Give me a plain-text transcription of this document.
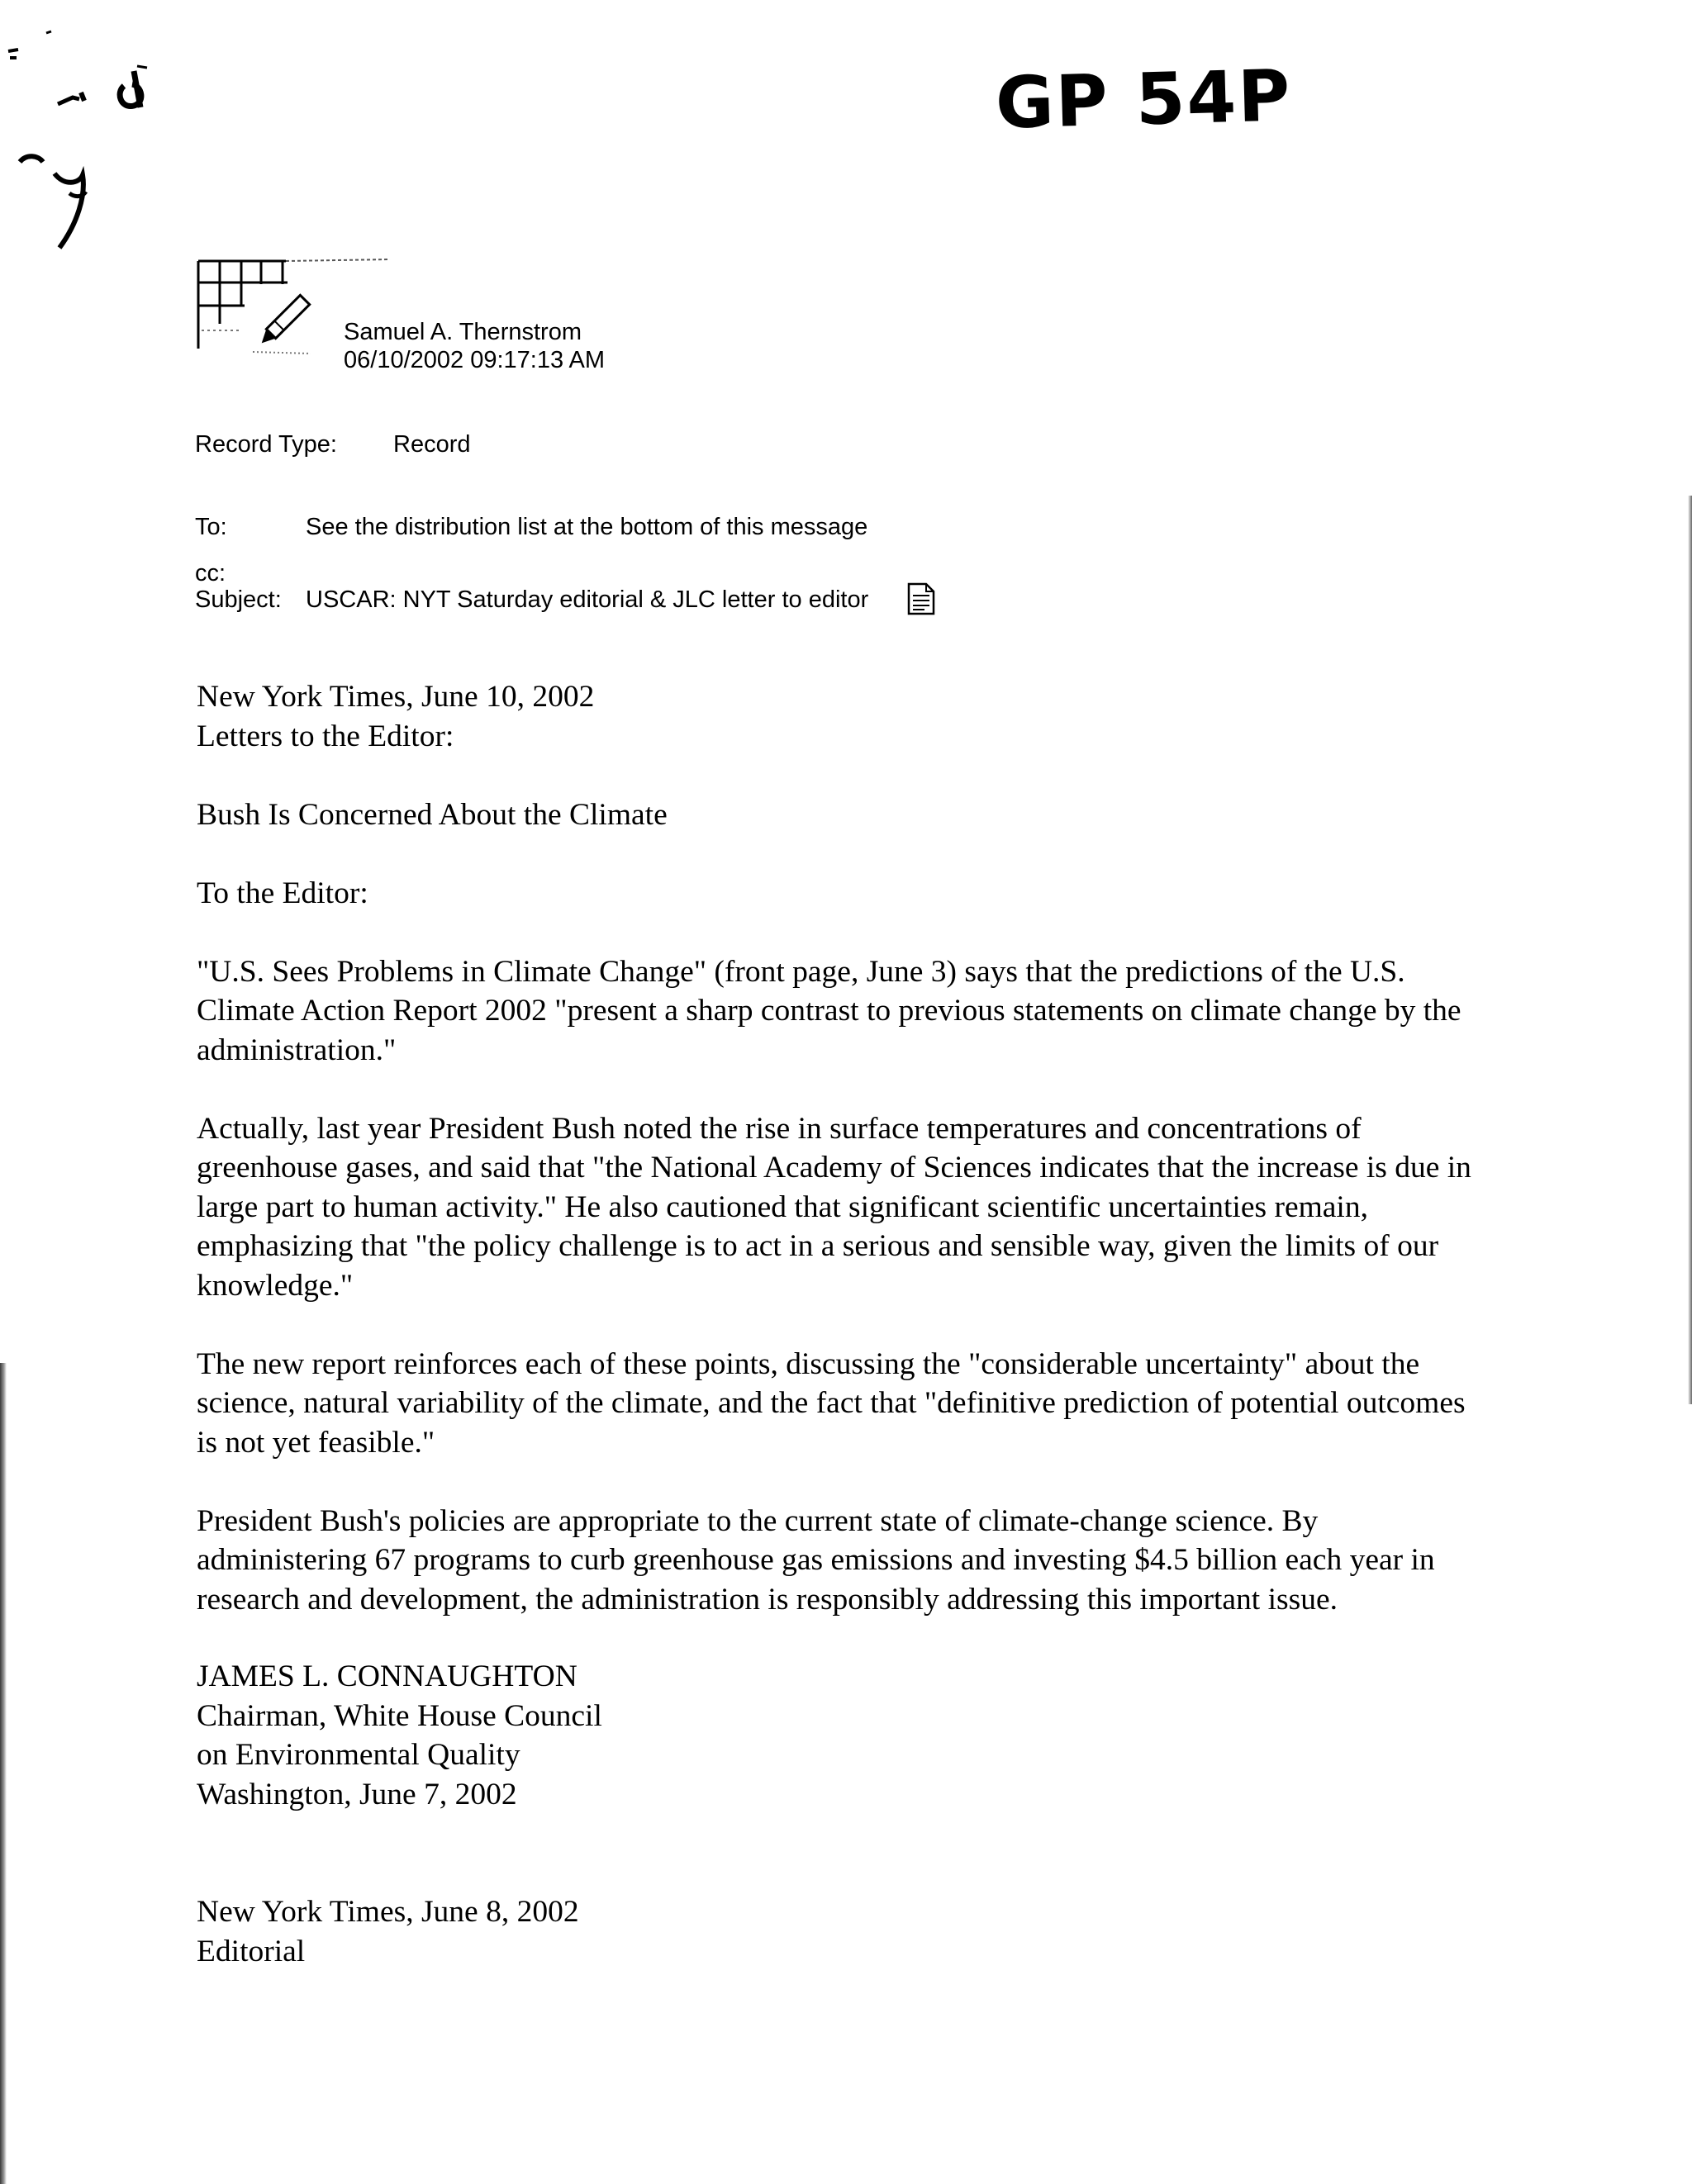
GP 54P
Samuel A. Thernstrom
06/10/2002 09:17:13 AM
Record Type: Record
To:	See the distribution list at the bottom of this message
cc:
Subject: USCAR: NYT Saturday editorial & JLC letter to editor

New York Times, June 10, 2002

Letters to the Editor:

Bush Is Concerned About the Climate

To the Editor:

"U.S. Sees Problems in Climate Change" (front page, June 3) says that the predictions of the U.S. Climate Action Report 2002 "present a sharp contrast to previous statements on climate change by the administration."

Actually, last year President Bush noted the rise in surface temperatures and concentrations of greenhouse gases, and said that "the National Academy of Sciences indicates that the increase is due in large part to human activity." He also cautioned that significant scientific uncertainties remain, emphasizing that "the policy challenge is to act in a serious and sensible way, given the limits of our knowledge."

The new report reinforces each of these points, discussing the "considerable uncertainty" about the science, natural variability of the climate, and the fact that "definitive prediction of potential outcomes is not yet feasible."

President Bush's policies are appropriate to the current state of climate-change science. By administering 67 programs to curb greenhouse gas emissions and investing $4.5 billion each year in research and development, the administration is responsibly addressing this important issue.

JAMES L. CONNAUGHTON

Chairman, White House Council

on Environmental Quality

Washington, June 7, 2002

New York Times, June 8, 2002

Editorial
